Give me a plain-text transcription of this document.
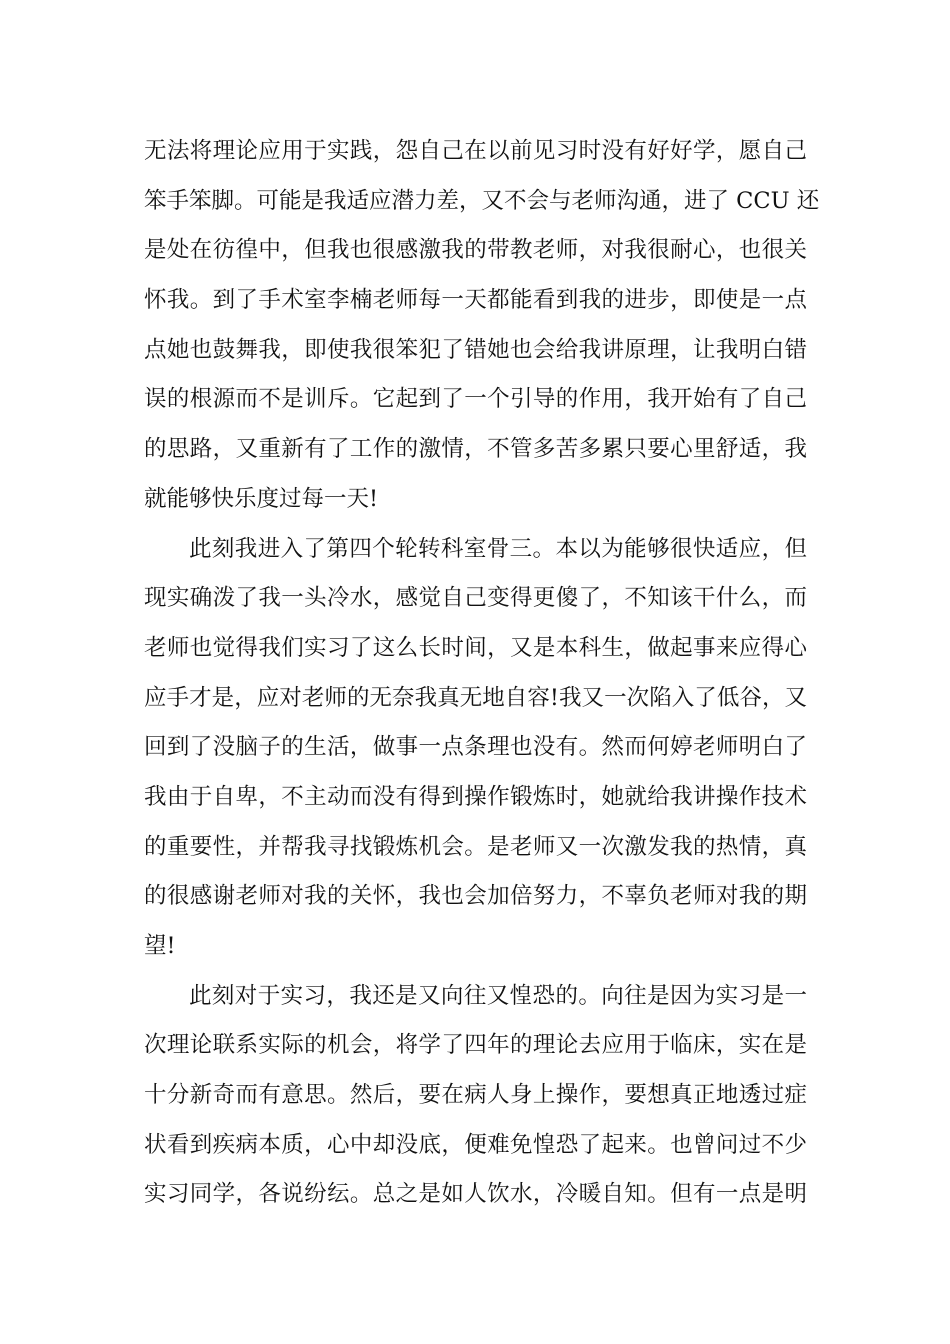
无法将理论应用于实践，怨自己在以前见习时没有好好学，愿自己
笨手笨脚。可能是我适应潜力差，又不会与老师沟通，进了 CCU 还
是处在彷徨中，但我也很感激我的带教老师，对我很耐心，也很关
怀我。到了手术室李楠老师每一天都能看到我的进步，即使是一点
点她也鼓舞我，即使我很笨犯了错她也会给我讲原理，让我明白错
误的根源而不是训斥。它起到了一个引导的作用，我开始有了自己
的思路，又重新有了工作的激情，不管多苦多累只要心里舒适，我
就能够快乐度过每一天!
此刻我进入了第四个轮转科室骨三。本以为能够很快适应，但
现实确泼了我一头冷水，感觉自己变得更傻了，不知该干什么，而
老师也觉得我们实习了这么长时间，又是本科生，做起事来应得心
应手才是，应对老师的无奈我真无地自容!我又一次陷入了低谷，又
回到了没脑子的生活，做事一点条理也没有。然而何婷老师明白了
我由于自卑，不主动而没有得到操作锻炼时，她就给我讲操作技术
的重要性，并帮我寻找锻炼机会。是老师又一次激发我的热情，真
的很感谢老师对我的关怀，我也会加倍努力，不辜负老师对我的期
望!
此刻对于实习，我还是又向往又惶恐的。向往是因为实习是一
次理论联系实际的机会，将学了四年的理论去应用于临床，实在是
十分新奇而有意思。然后，要在病人身上操作，要想真正地透过症
状看到疾病本质，心中却没底，便难免惶恐了起来。也曾问过不少
实习同学，各说纷纭。总之是如人饮水，冷暖自知。但有一点是明
